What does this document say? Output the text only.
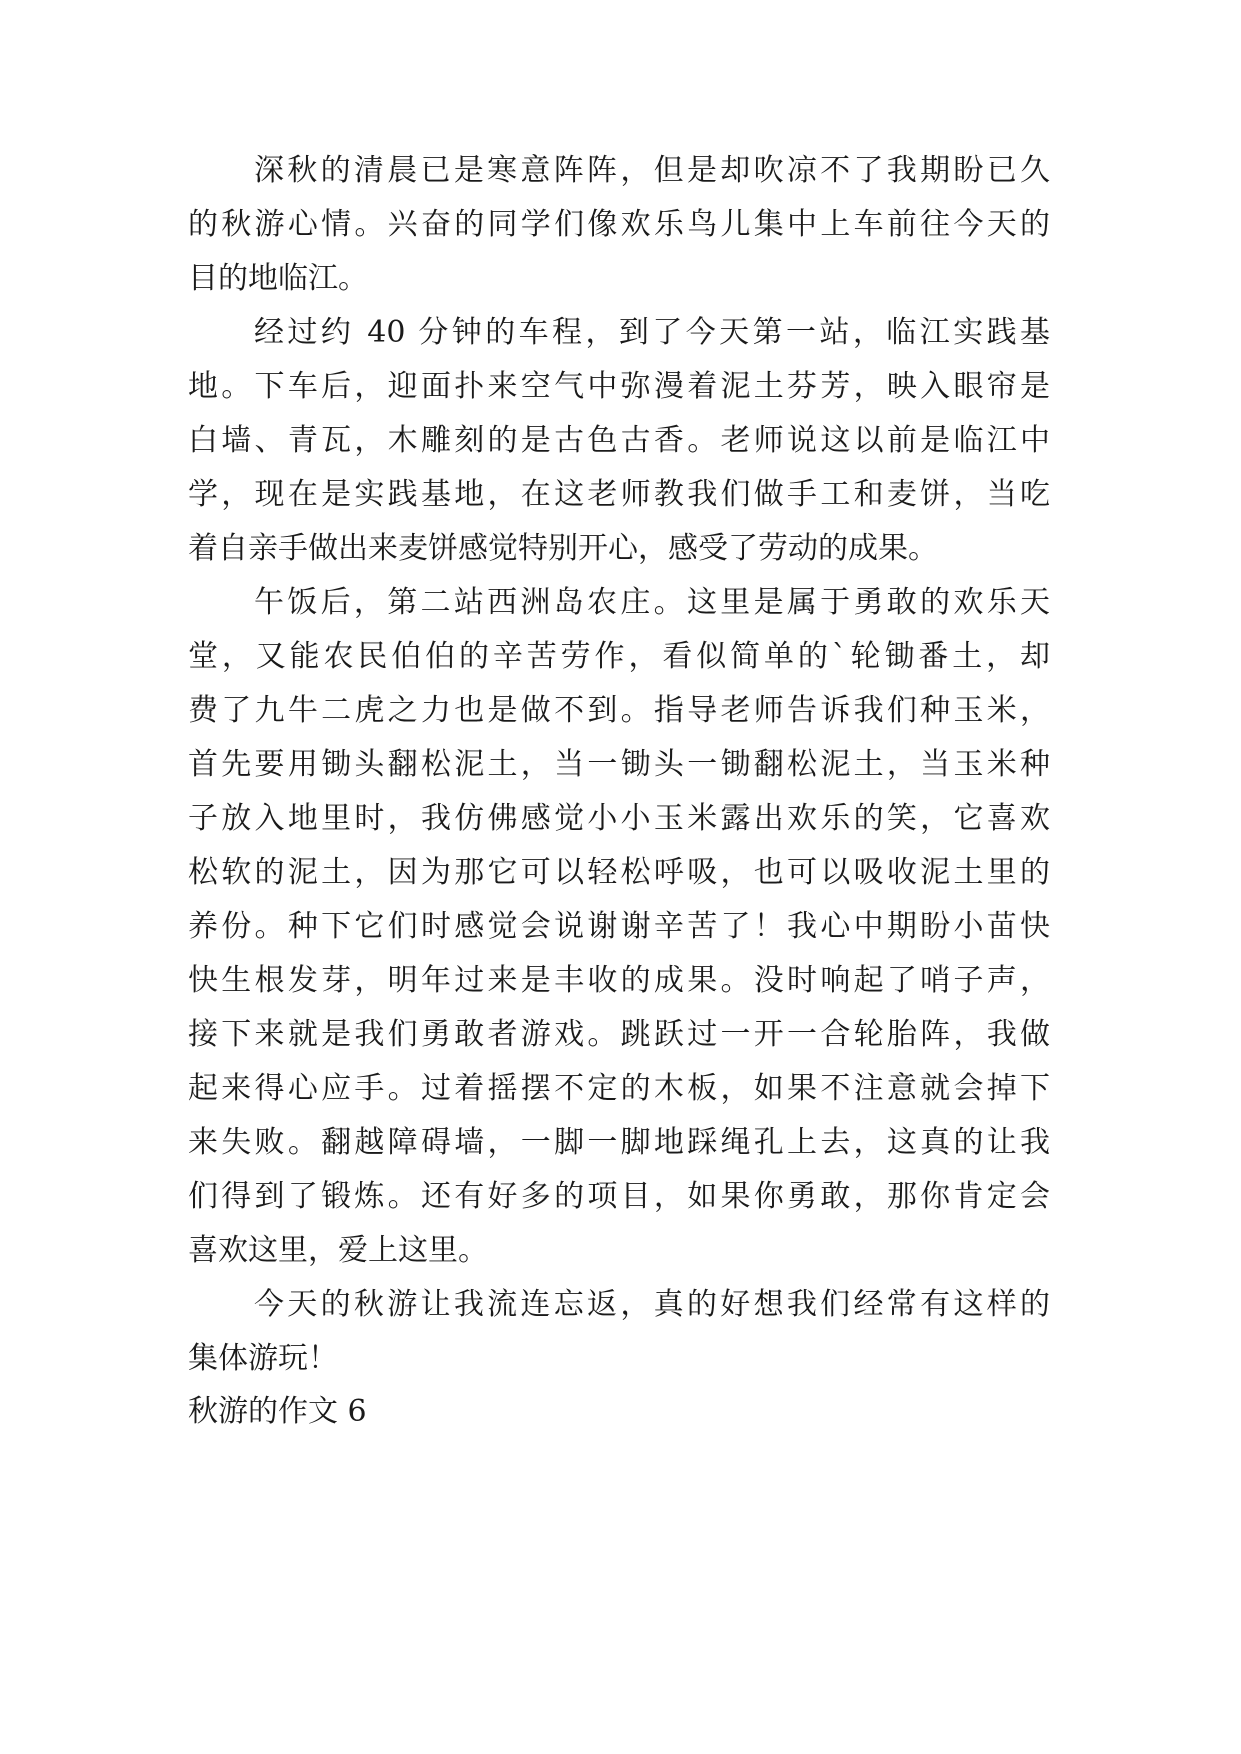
深秋的清晨已是寒意阵阵，但是却吹凉不了我期盼已久
的秋游心情。兴奋的同学们像欢乐鸟儿集中上车前往今天的
目的地临江。
经过约 40 分钟的车程，到了今天第一站，临江实践基
地。下车后，迎面扑来空气中弥漫着泥土芬芳，映入眼帘是
白墙、青瓦，木雕刻的是古色古香。老师说这以前是临江中
学，现在是实践基地，在这老师教我们做手工和麦饼，当吃
着自亲手做出来麦饼感觉特别开心，感受了劳动的成果。
午饭后，第二站西洲岛农庄。这里是属于勇敢的欢乐天
堂，又能农民伯伯的辛苦劳作，看似简单的`轮锄番土，却
费了九牛二虎之力也是做不到。指导老师告诉我们种玉米，
首先要用锄头翻松泥土，当一锄头一锄翻松泥土，当玉米种
子放入地里时，我仿佛感觉小小玉米露出欢乐的笑，它喜欢
松软的泥土，因为那它可以轻松呼吸，也可以吸收泥土里的
养份。种下它们时感觉会说谢谢辛苦了！我心中期盼小苗快
快生根发芽，明年过来是丰收的成果。没时响起了哨子声，
接下来就是我们勇敢者游戏。跳跃过一开一合轮胎阵，我做
起来得心应手。过着摇摆不定的木板，如果不注意就会掉下
来失败。翻越障碍墙，一脚一脚地踩绳孔上去，这真的让我
们得到了锻炼。还有好多的项目，如果你勇敢，那你肯定会
喜欢这里，爱上这里。
今天的秋游让我流连忘返，真的好想我们经常有这样的
集体游玩！
秋游的作文 6
